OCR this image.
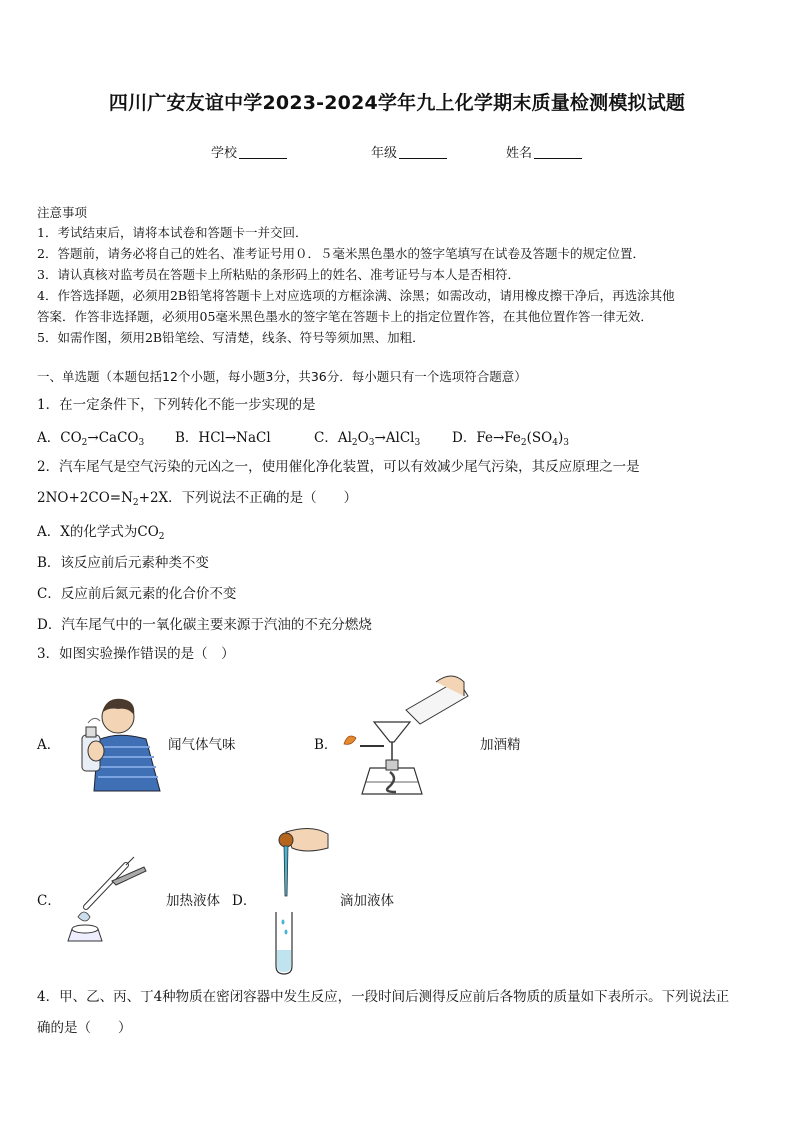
四川广安友谊中学2023-2024学年九上化学期末质量检测模拟试题
学校	年级	姓名
注意事项
1．考试结束后，请将本试卷和答题卡一并交回．
2．答题前，请务必将自己的姓名、准考证号用０．５毫米黑色墨水的签字笔填写在试卷及答题卡的规定位置．
3．请认真核对监考员在答题卡上所粘贴的条形码上的姓名、准考证号与本人是否相符．
4．作答选择题，必须用2B铅笔将答题卡上对应选项的方框涂满、涂黑；如需改动，请用橡皮擦干净后，再选涂其他
答案．作答非选择题，必须用05毫米黑色墨水的签字笔在答题卡上的指定位置作答，在其他位置作答一律无效．
5．如需作图，须用2B铅笔绘、写清楚，线条、符号等须加黑、加粗．
一、单选题（本题包括12个小题，每小题3分，共36分．每小题只有一个选项符合题意）
1．在一定条件下，下列转化不能一步实现的是
A．$CO_2\to CaCO_3$ B．HCl→NaCl	C．$Al_2O_3\to AlCl_3$ D．$Fe\to Fe_2(SO_4)_3$
2．汽车尾气是空气污染的元凶之一，使用催化净化装置，可以有效减少尾气污染，其反应原理之一是
$2NO+2CO=N_2+2X$．下列说法不正确的是（　　）
A．X的化学式为$CO_2$
B．该反应前后元素种类不变
C．反应前后氮元素的化合价不变
D．汽车尾气中的一氧化碳主要来源于汽油的不充分燃烧
3．如图实验操作错误的是（　）
A．	闻气体气味	B．	加酒精
C．	加热液体 D．	滴加液体
4．甲、乙、丙、丁4种物质在密闭容器中发生反应，一段时间后测得反应前后各物质的质量如下表所示。下列说法正
确的是（　　）
